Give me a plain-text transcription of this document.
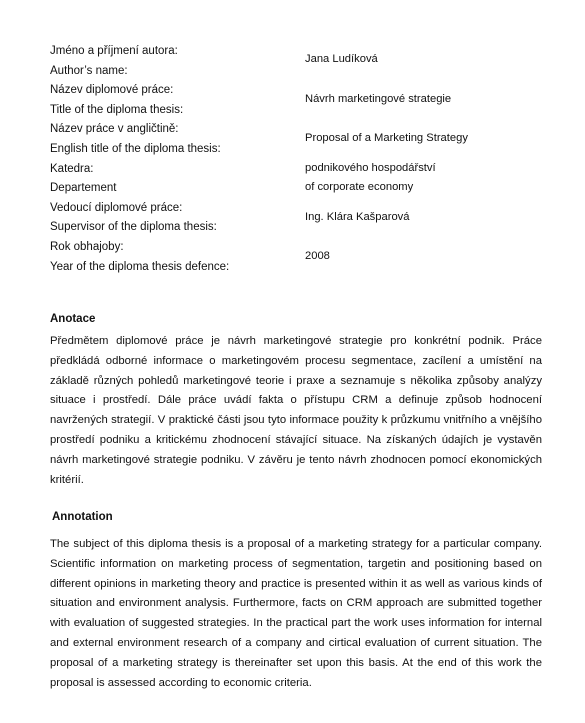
Jméno a příjmení autora:
Author’s name:
Název diplomové práce:
Title of the diploma thesis:
Název práce v angličtině:
English title of the diploma thesis:
Katedra:
Departement
Vedoucí diplomové práce:
Supervisor of the diploma thesis:
Rok obhajoby:
Year of the diploma thesis defence:
Jana Ludíková
Návrh marketingové strategie
Proposal of a Marketing Strategy
podnikového hospodářství
of corporate economy
Ing. Klára Kašparová
2008
Anotace
Předmětem diplomové práce je návrh marketingové strategie pro konkrétní podnik. Práce předkládá odborné informace o marketingovém procesu segmentace, zacílení a umístění na základě různých pohledů marketingové teorie i praxe a seznamuje s několika způsoby analýzy situace i prostředí. Dále práce uvádí fakta o přístupu CRM a definuje způsob hodnocení navržených strategií. V praktické části jsou tyto informace použity k průzkumu vnitřního a vnějšího prostředí podniku a kritickému zhodnocení stávající situace. Na získaných údajích je vystavěn návrh marketingové strategie podniku. V závěru je tento návrh zhodnocen pomocí ekonomických kritérií.
Annotation
The subject of this diploma thesis is a proposal of a marketing strategy for a particular company. Scientific information on marketing process of segmentation, targetin and positioning based on different opinions in marketing theory and practice is presented within it as well as various kinds of situation and environment analysis. Furthermore, facts on CRM approach are submitted together with evaluation of suggested strategies. In the practical part the work uses information for internal and external environment research of a company and cirtical evaluation of current situation. The proposal of a marketing strategy is thereinafter set upon this basis. At the end of this work the proposal is assessed according to economic criteria.
